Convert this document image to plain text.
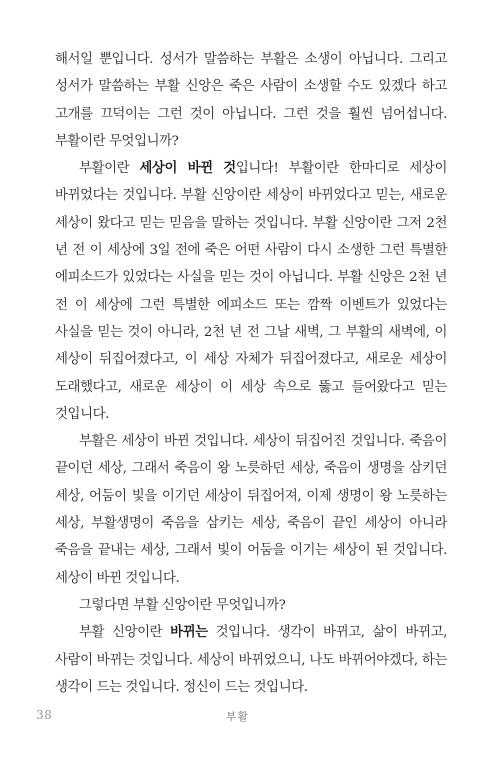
해서일 뿐입니다. 성서가 말씀하는 부활은 소생이 아닙니다. 그리고 성서가 말씀하는 부활 신앙은 죽은 사람이 소생할 수도 있겠다 하고 고개를 끄덕이는 그런 것이 아닙니다. 그런 것을 훨씬 넘어섭니다. 부활이란 무엇입니까?

부활이란 세상이 바뀐 것입니다! 부활이란 한마디로 세상이 바뀌었다는 것입니다. 부활 신앙이란 세상이 바뀌었다고 믿는, 새로운 세상이 왔다고 믿는 믿음을 말하는 것입니다. 부활 신앙이란 그저 2천 년 전 이 세상에 3일 전에 죽은 어떤 사람이 다시 소생한 그런 특별한 에피소드가 있었다는 사실을 믿는 것이 아닙니다. 부활 신앙은 2천 년 전 이 세상에 그런 특별한 에피소드 또는 깜짝 이벤트가 있었다는 사실을 믿는 것이 아니라, 2천 년 전 그날 새벽, 그 부활의 새벽에, 이 세상이 뒤집어졌다고, 이 세상 자체가 뒤집어졌다고, 새로운 세상이 도래했다고, 새로운 세상이 이 세상 속으로 뚫고 들어왔다고 믿는 것입니다.

부활은 세상이 바뀐 것입니다. 세상이 뒤집어진 것입니다. 죽음이 끝이던 세상, 그래서 죽음이 왕 노릇하던 세상, 죽음이 생명을 삼키던 세상, 어둠이 빛을 이기던 세상이 뒤집어져, 이제 생명이 왕 노릇하는 세상, 부활생명이 죽음을 삼키는 세상, 죽음이 끝인 세상이 아니라 죽음을 끝내는 세상, 그래서 빛이 어둠을 이기는 세상이 된 것입니다. 세상이 바뀐 것입니다.

그렇다면 부활 신앙이란 무엇입니까?

부활 신앙이란 바뀌는 것입니다. 생각이 바뀌고, 삶이 바뀌고, 사람이 바뀌는 것입니다. 세상이 바뀌었으니, 나도 바뀌어야겠다, 하는 생각이 드는 것입니다. 정신이 드는 것입니다.

38	부활
